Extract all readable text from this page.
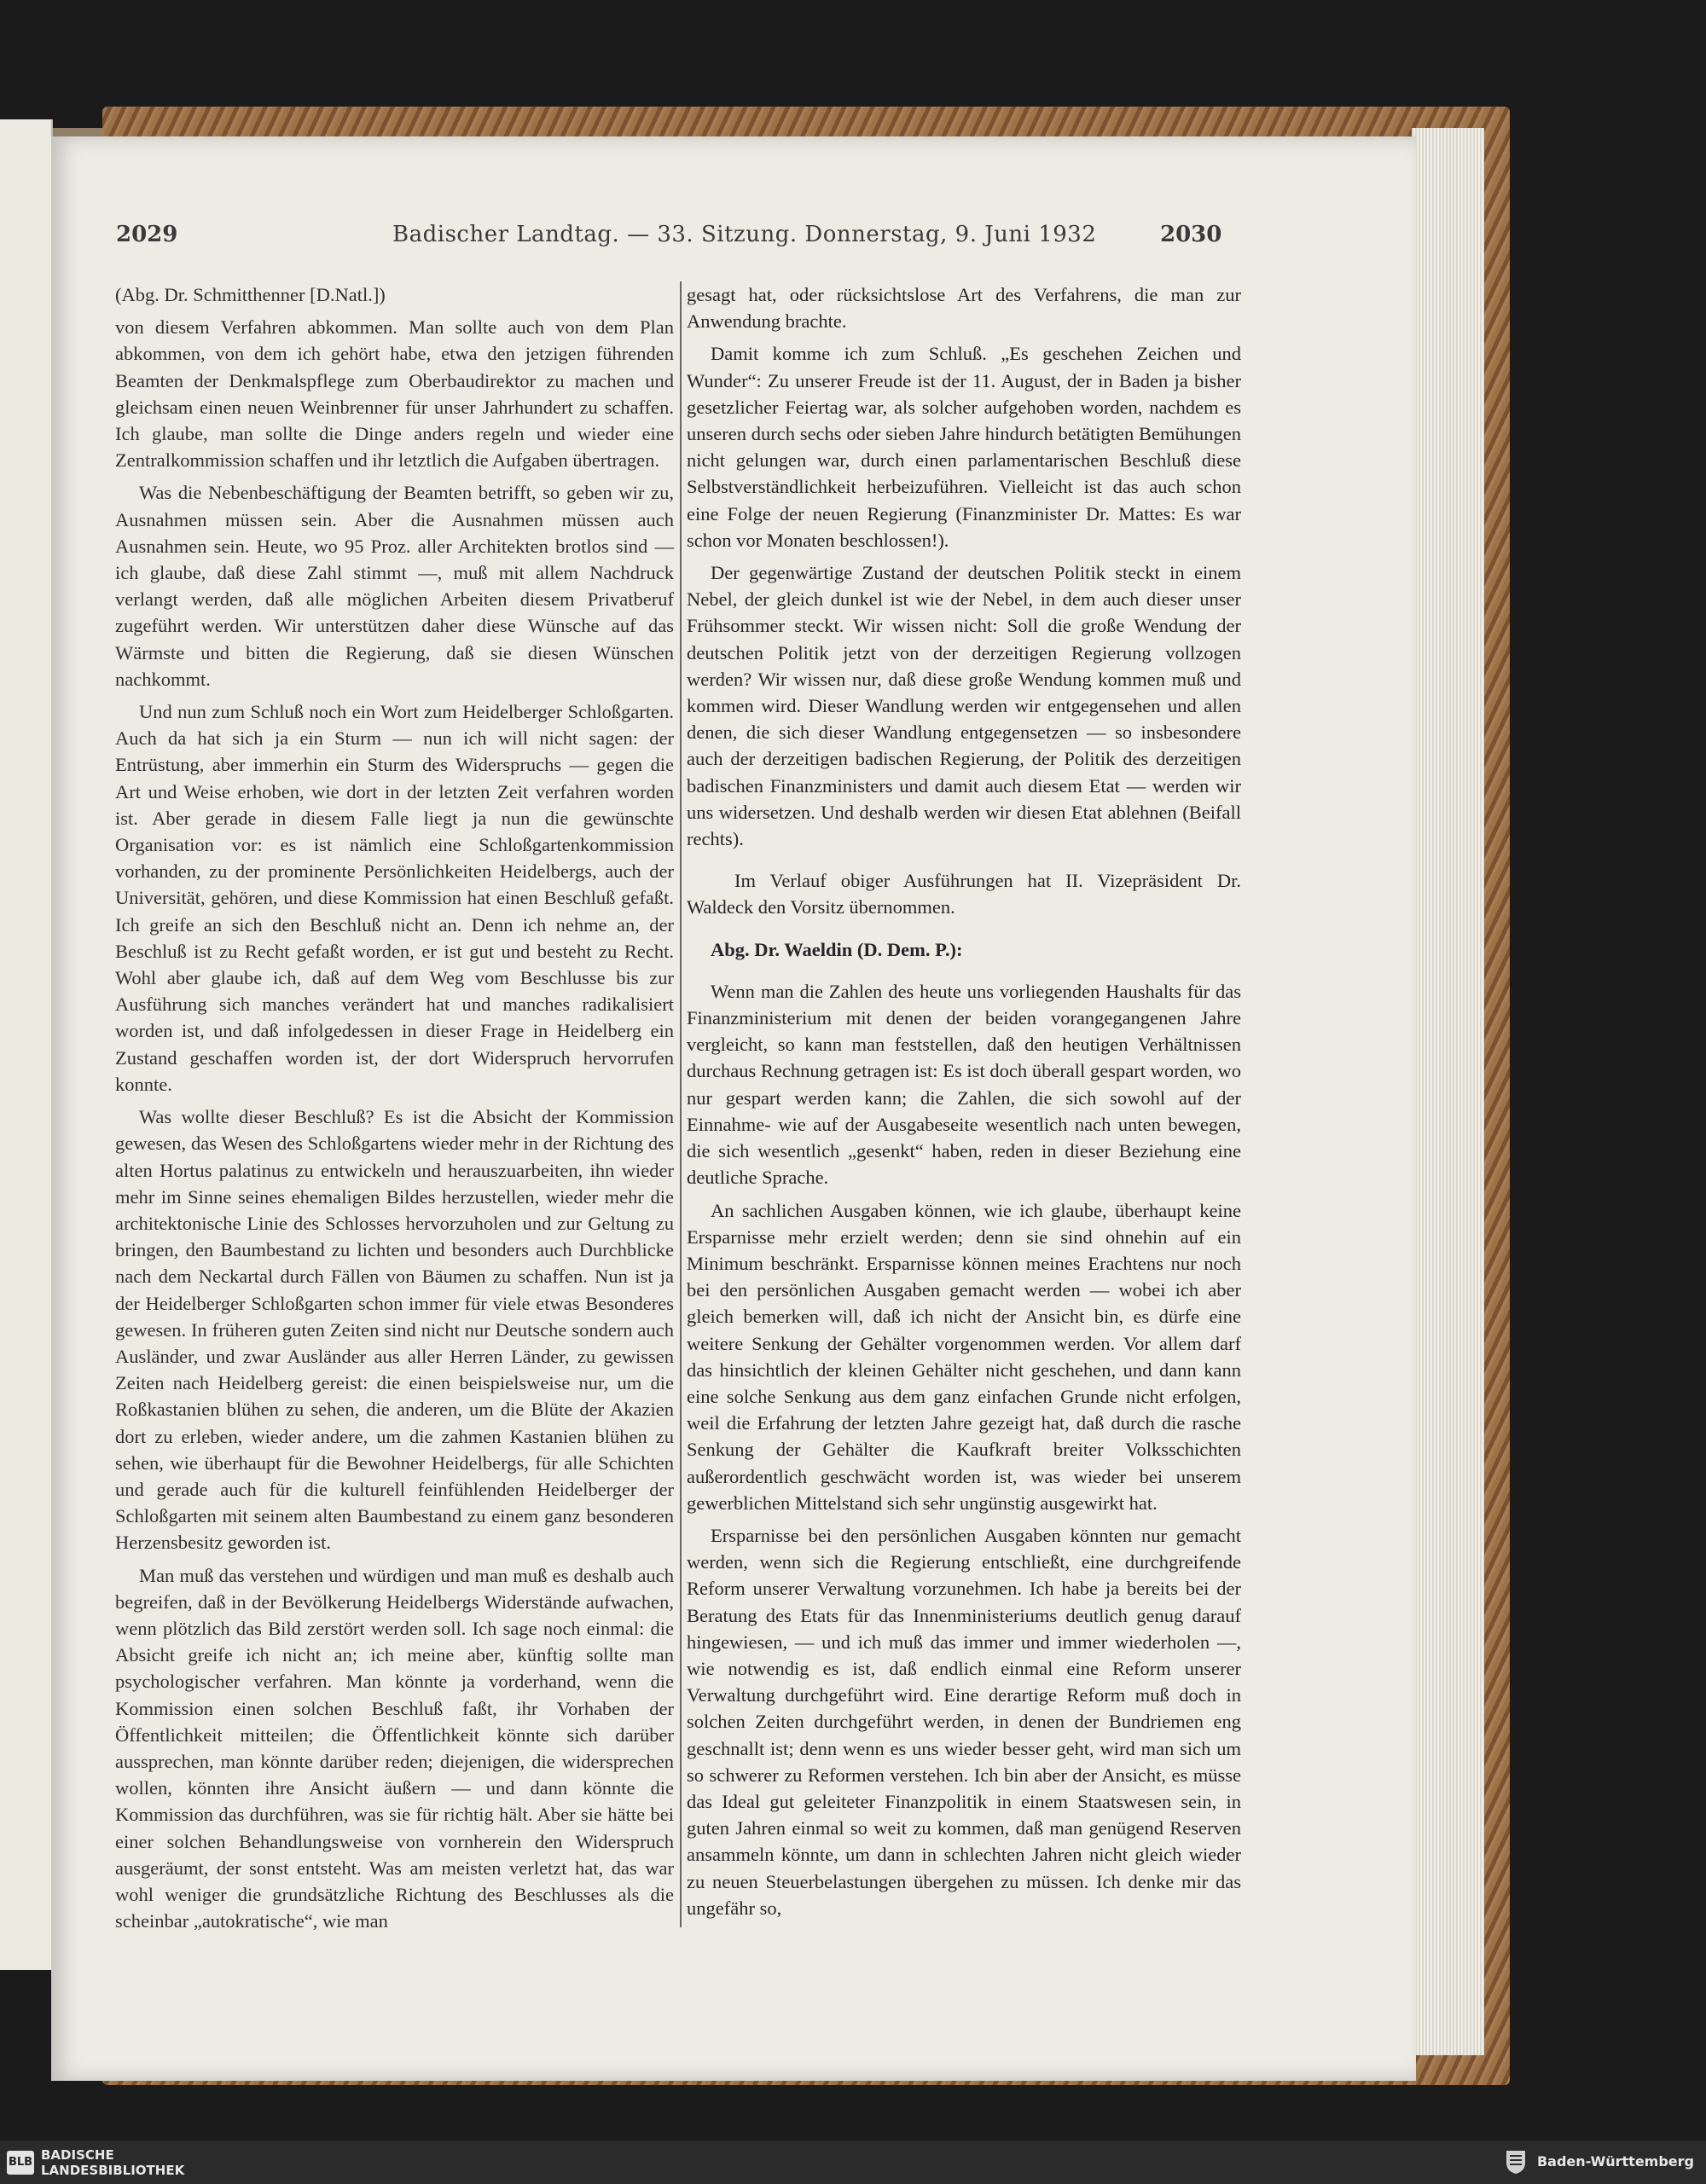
2029	Badischer Landtag. — 33. Sitzung. Donnerstag, 9. Juni 1932	2030

(Abg. Dr. Schmitthenner [D.Natl.])

von diesem Verfahren abkommen. Man sollte auch von dem Plan abkommen, von dem ich gehört habe, etwa den jetzigen führenden Beamten der Denkmalspflege zum Oberbaudirektor zu machen und gleichsam einen neuen Weinbrenner für unser Jahrhundert zu schaffen. Ich glaube, man sollte die Dinge anders regeln und wieder eine Zentralkommission schaffen und ihr letztlich die Aufgaben übertragen.

Was die Nebenbeschäftigung der Beamten betrifft, so geben wir zu, Ausnahmen müssen sein. Aber die Ausnahmen müssen auch Ausnahmen sein. Heute, wo 95 Proz. aller Architekten brotlos sind — ich glaube, daß diese Zahl stimmt —, muß mit allem Nachdruck verlangt werden, daß alle möglichen Arbeiten diesem Privatberuf zugeführt werden. Wir unterstützen daher diese Wünsche auf das Wärmste und bitten die Regierung, daß sie diesen Wünschen nachkommt.

Und nun zum Schluß noch ein Wort zum Heidelberger Schloßgarten. Auch da hat sich ja ein Sturm — nun ich will nicht sagen: der Entrüstung, aber immerhin ein Sturm des Widerspruchs — gegen die Art und Weise erhoben, wie dort in der letzten Zeit verfahren worden ist. Aber gerade in diesem Falle liegt ja nun die gewünschte Organisation vor: es ist nämlich eine Schloßgartenkommission vorhanden, zu der prominente Persönlichkeiten Heidelbergs, auch der Universität, gehören, und diese Kommission hat einen Beschluß gefaßt. Ich greife an sich den Beschluß nicht an. Denn ich nehme an, der Beschluß ist zu Recht gefaßt worden, er ist gut und besteht zu Recht. Wohl aber glaube ich, daß auf dem Weg vom Beschlusse bis zur Ausführung sich manches verändert hat und manches radikalisiert worden ist, und daß infolgedessen in dieser Frage in Heidelberg ein Zustand geschaffen worden ist, der dort Widerspruch hervorrufen konnte.

Was wollte dieser Beschluß? Es ist die Absicht der Kommission gewesen, das Wesen des Schloßgartens wieder mehr in der Richtung des alten Hortus palatinus zu entwickeln und herauszuarbeiten, ihn wieder mehr im Sinne seines ehemaligen Bildes herzustellen, wieder mehr die architektonische Linie des Schlosses hervorzuholen und zur Geltung zu bringen, den Baumbestand zu lichten und besonders auch Durchblicke nach dem Neckartal durch Fällen von Bäumen zu schaffen. Nun ist ja der Heidelberger Schloßgarten schon immer für viele etwas Besonderes gewesen. In früheren guten Zeiten sind nicht nur Deutsche sondern auch Ausländer, und zwar Ausländer aus aller Herren Länder, zu gewissen Zeiten nach Heidelberg gereist: die einen beispielsweise nur, um die Roßkastanien blühen zu sehen, die anderen, um die Blüte der Akazien dort zu erleben, wieder andere, um die zahmen Kastanien blühen zu sehen, wie überhaupt für die Bewohner Heidelbergs, für alle Schichten und gerade auch für die kulturell feinfühlenden Heidelberger der Schloßgarten mit seinem alten Baumbestand zu einem ganz besonderen Herzensbesitz geworden ist.

Man muß das verstehen und würdigen und man muß es deshalb auch begreifen, daß in der Bevölkerung Heidelbergs Widerstände aufwachen, wenn plötzlich das Bild zerstört werden soll. Ich sage noch einmal: die Absicht greife ich nicht an; ich meine aber, künftig sollte man psychologischer verfahren. Man könnte ja vorderhand, wenn die Kommission einen solchen Beschluß faßt, ihr Vorhaben der Öffentlichkeit mitteilen; die Öffentlichkeit könnte sich darüber aussprechen, man könnte darüber reden; diejenigen, die widersprechen wollen, könnten ihre Ansicht äußern — und dann könnte die Kommission das durchführen, was sie für richtig hält. Aber sie hätte bei einer solchen Behandlungsweise von vornherein den Widerspruch ausgeräumt, der sonst entsteht. Was am meisten verletzt hat, das war wohl weniger die grundsätzliche Richtung des Beschlusses als die scheinbar „autokratische“, wie man

gesagt hat, oder rücksichtslose Art des Verfahrens, die man zur Anwendung brachte.

Damit komme ich zum Schluß. „Es geschehen Zeichen und Wunder“: Zu unserer Freude ist der 11. August, der in Baden ja bisher gesetzlicher Feiertag war, als solcher aufgehoben worden, nachdem es unseren durch sechs oder sieben Jahre hindurch betätigten Bemühungen nicht gelungen war, durch einen parlamentarischen Beschluß diese Selbstverständlichkeit herbeizuführen. Vielleicht ist das auch schon eine Folge der neuen Regierung (Finanzminister Dr. Mattes: Es war schon vor Monaten beschlossen!).

Der gegenwärtige Zustand der deutschen Politik steckt in einem Nebel, der gleich dunkel ist wie der Nebel, in dem auch dieser unser Frühsommer steckt. Wir wissen nicht: Soll die große Wendung der deutschen Politik jetzt von der derzeitigen Regierung vollzogen werden? Wir wissen nur, daß diese große Wendung kommen muß und kommen wird. Dieser Wandlung werden wir entgegensehen und allen denen, die sich dieser Wandlung entgegensetzen — so insbesondere auch der derzeitigen badischen Regierung, der Politik des derzeitigen badischen Finanzministers und damit auch diesem Etat — werden wir uns widersetzen. Und deshalb werden wir diesen Etat ablehnen (Beifall rechts).

Im Verlauf obiger Ausführungen hat II. Vizepräsident Dr. Waldeck den Vorsitz übernommen.

Abg. Dr. Waeldin (D. Dem. P.):

Wenn man die Zahlen des heute uns vorliegenden Haushalts für das Finanzministerium mit denen der beiden vorangegangenen Jahre vergleicht, so kann man feststellen, daß den heutigen Verhältnissen durchaus Rechnung getragen ist: Es ist doch überall gespart worden, wo nur gespart werden kann; die Zahlen, die sich sowohl auf der Einnahme- wie auf der Ausgabeseite wesentlich nach unten bewegen, die sich wesentlich „gesenkt“ haben, reden in dieser Beziehung eine deutliche Sprache.

An sachlichen Ausgaben können, wie ich glaube, überhaupt keine Ersparnisse mehr erzielt werden; denn sie sind ohnehin auf ein Minimum beschränkt. Ersparnisse können meines Erachtens nur noch bei den persönlichen Ausgaben gemacht werden — wobei ich aber gleich bemerken will, daß ich nicht der Ansicht bin, es dürfe eine weitere Senkung der Gehälter vorgenommen werden. Vor allem darf das hinsichtlich der kleinen Gehälter nicht geschehen, und dann kann eine solche Senkung aus dem ganz einfachen Grunde nicht erfolgen, weil die Erfahrung der letzten Jahre gezeigt hat, daß durch die rasche Senkung der Gehälter die Kaufkraft breiter Volksschichten außerordentlich geschwächt worden ist, was wieder bei unserem gewerblichen Mittelstand sich sehr ungünstig ausgewirkt hat.

Ersparnisse bei den persönlichen Ausgaben könnten nur gemacht werden, wenn sich die Regierung entschließt, eine durchgreifende Reform unserer Verwaltung vorzunehmen. Ich habe ja bereits bei der Beratung des Etats für das Innenministeriums deutlich genug darauf hingewiesen, — und ich muß das immer und immer wiederholen —, wie notwendig es ist, daß endlich einmal eine Reform unserer Verwaltung durchgeführt wird. Eine derartige Reform muß doch in solchen Zeiten durchgeführt werden, in denen der Bundriemen eng geschnallt ist; denn wenn es uns wieder besser geht, wird man sich um so schwerer zu Reformen verstehen. Ich bin aber der Ansicht, es müsse das Ideal gut geleiteter Finanzpolitik in einem Staatswesen sein, in guten Jahren einmal so weit zu kommen, daß man genügend Reserven ansammeln könnte, um dann in schlechten Jahren nicht gleich wieder zu neuen Steuerbelastungen übergehen zu müssen. Ich denke mir das ungefähr so,

BLB BADISCHE
LANDESBIBLIOTHEK
Baden-Württemberg
